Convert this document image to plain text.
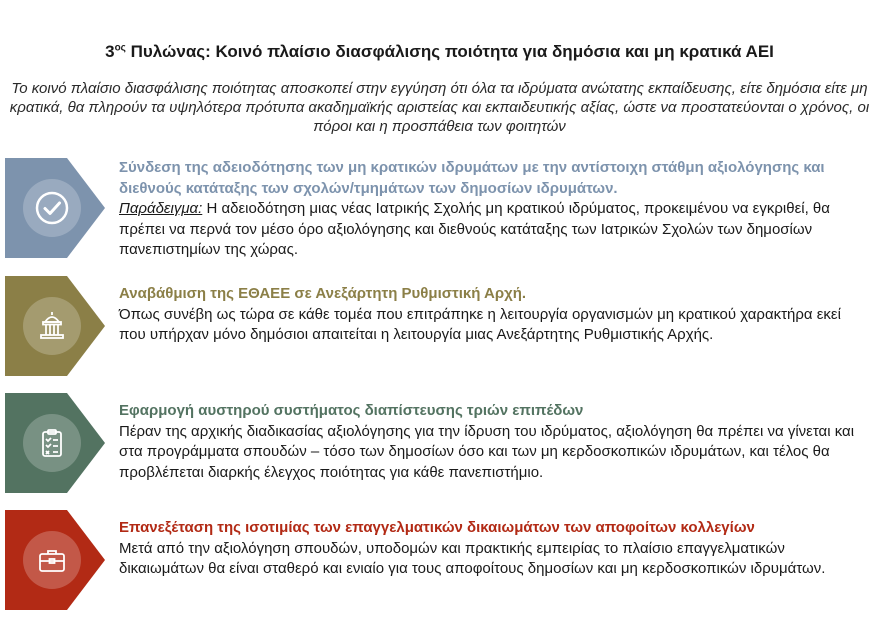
$3^{o\varsigma}$ Πυλώνας: Κοινό πλαίσιο διασφάλισης ποιότητα για δημόσια και μη κρατικά ΑΕΙ
Το κοινό πλαίσιο διασφάλισης ποιότητας αποσκοπεί στην εγγύηση ότι όλα τα ιδρύματα ανώτατης εκπαίδευσης, είτε δημόσια είτε μη κρατικά, θα πληρούν τα υψηλότερα πρότυπα ακαδημαϊκής αριστείας και εκπαιδευτικής αξίας, ώστε να προστατεύονται ο χρόνος, οι πόροι και η προσπάθεια των φοιτητών
Σύνδεση της αδειοδότησης των μη κρατικών ιδρυμάτων με την αντίστοιχη στάθμη αξιολόγησης και διεθνούς κατάταξης των σχολών/τμημάτων των δημοσίων ιδρυμάτων.
Παράδειγμα: Η αδειοδότηση μιας νέας Ιατρικής Σχολής μη κρατικού ιδρύματος, προκειμένου να εγκριθεί, θα πρέπει να περνά τον μέσο όρο αξιολόγησης και διεθνούς κατάταξης των Ιατρικών Σχολών των δημοσίων πανεπιστημίων της χώρας.
Αναβάθμιση της ΕΘΑΕΕ σε Ανεξάρτητη Ρυθμιστική Αρχή.
Όπως συνέβη ως τώρα σε κάθε τομέα που επιτράπηκε η λειτουργία οργανισμών μη κρατικού χαρακτήρα εκεί που υπήρχαν μόνο δημόσιοι απαιτείται η λειτουργία μιας Ανεξάρτητης Ρυθμιστικής Αρχής.
Εφαρμογή αυστηρού συστήματος διαπίστευσης τριών επιπέδων
Πέραν της αρχικής διαδικασίας αξιολόγησης για την ίδρυση του ιδρύματος, αξιολόγηση θα πρέπει να γίνεται και στα προγράμματα σπουδών – τόσο των δημοσίων όσο και των μη κερδοσκοπικών ιδρυμάτων, και τέλος θα προβλέπεται διαρκής έλεγχος ποιότητας για κάθε πανεπιστήμιο.
Επανεξέταση της ισοτιμίας των επαγγελματικών δικαιωμάτων των αποφοίτων κολλεγίων
Μετά από την αξιολόγηση σπουδών, υποδομών και πρακτικής εμπειρίας το πλαίσιο επαγγελματικών δικαιωμάτων θα είναι σταθερό και ενιαίο για τους αποφοίτους δημοσίων και μη κερδοσκοπικών ιδρυμάτων.
